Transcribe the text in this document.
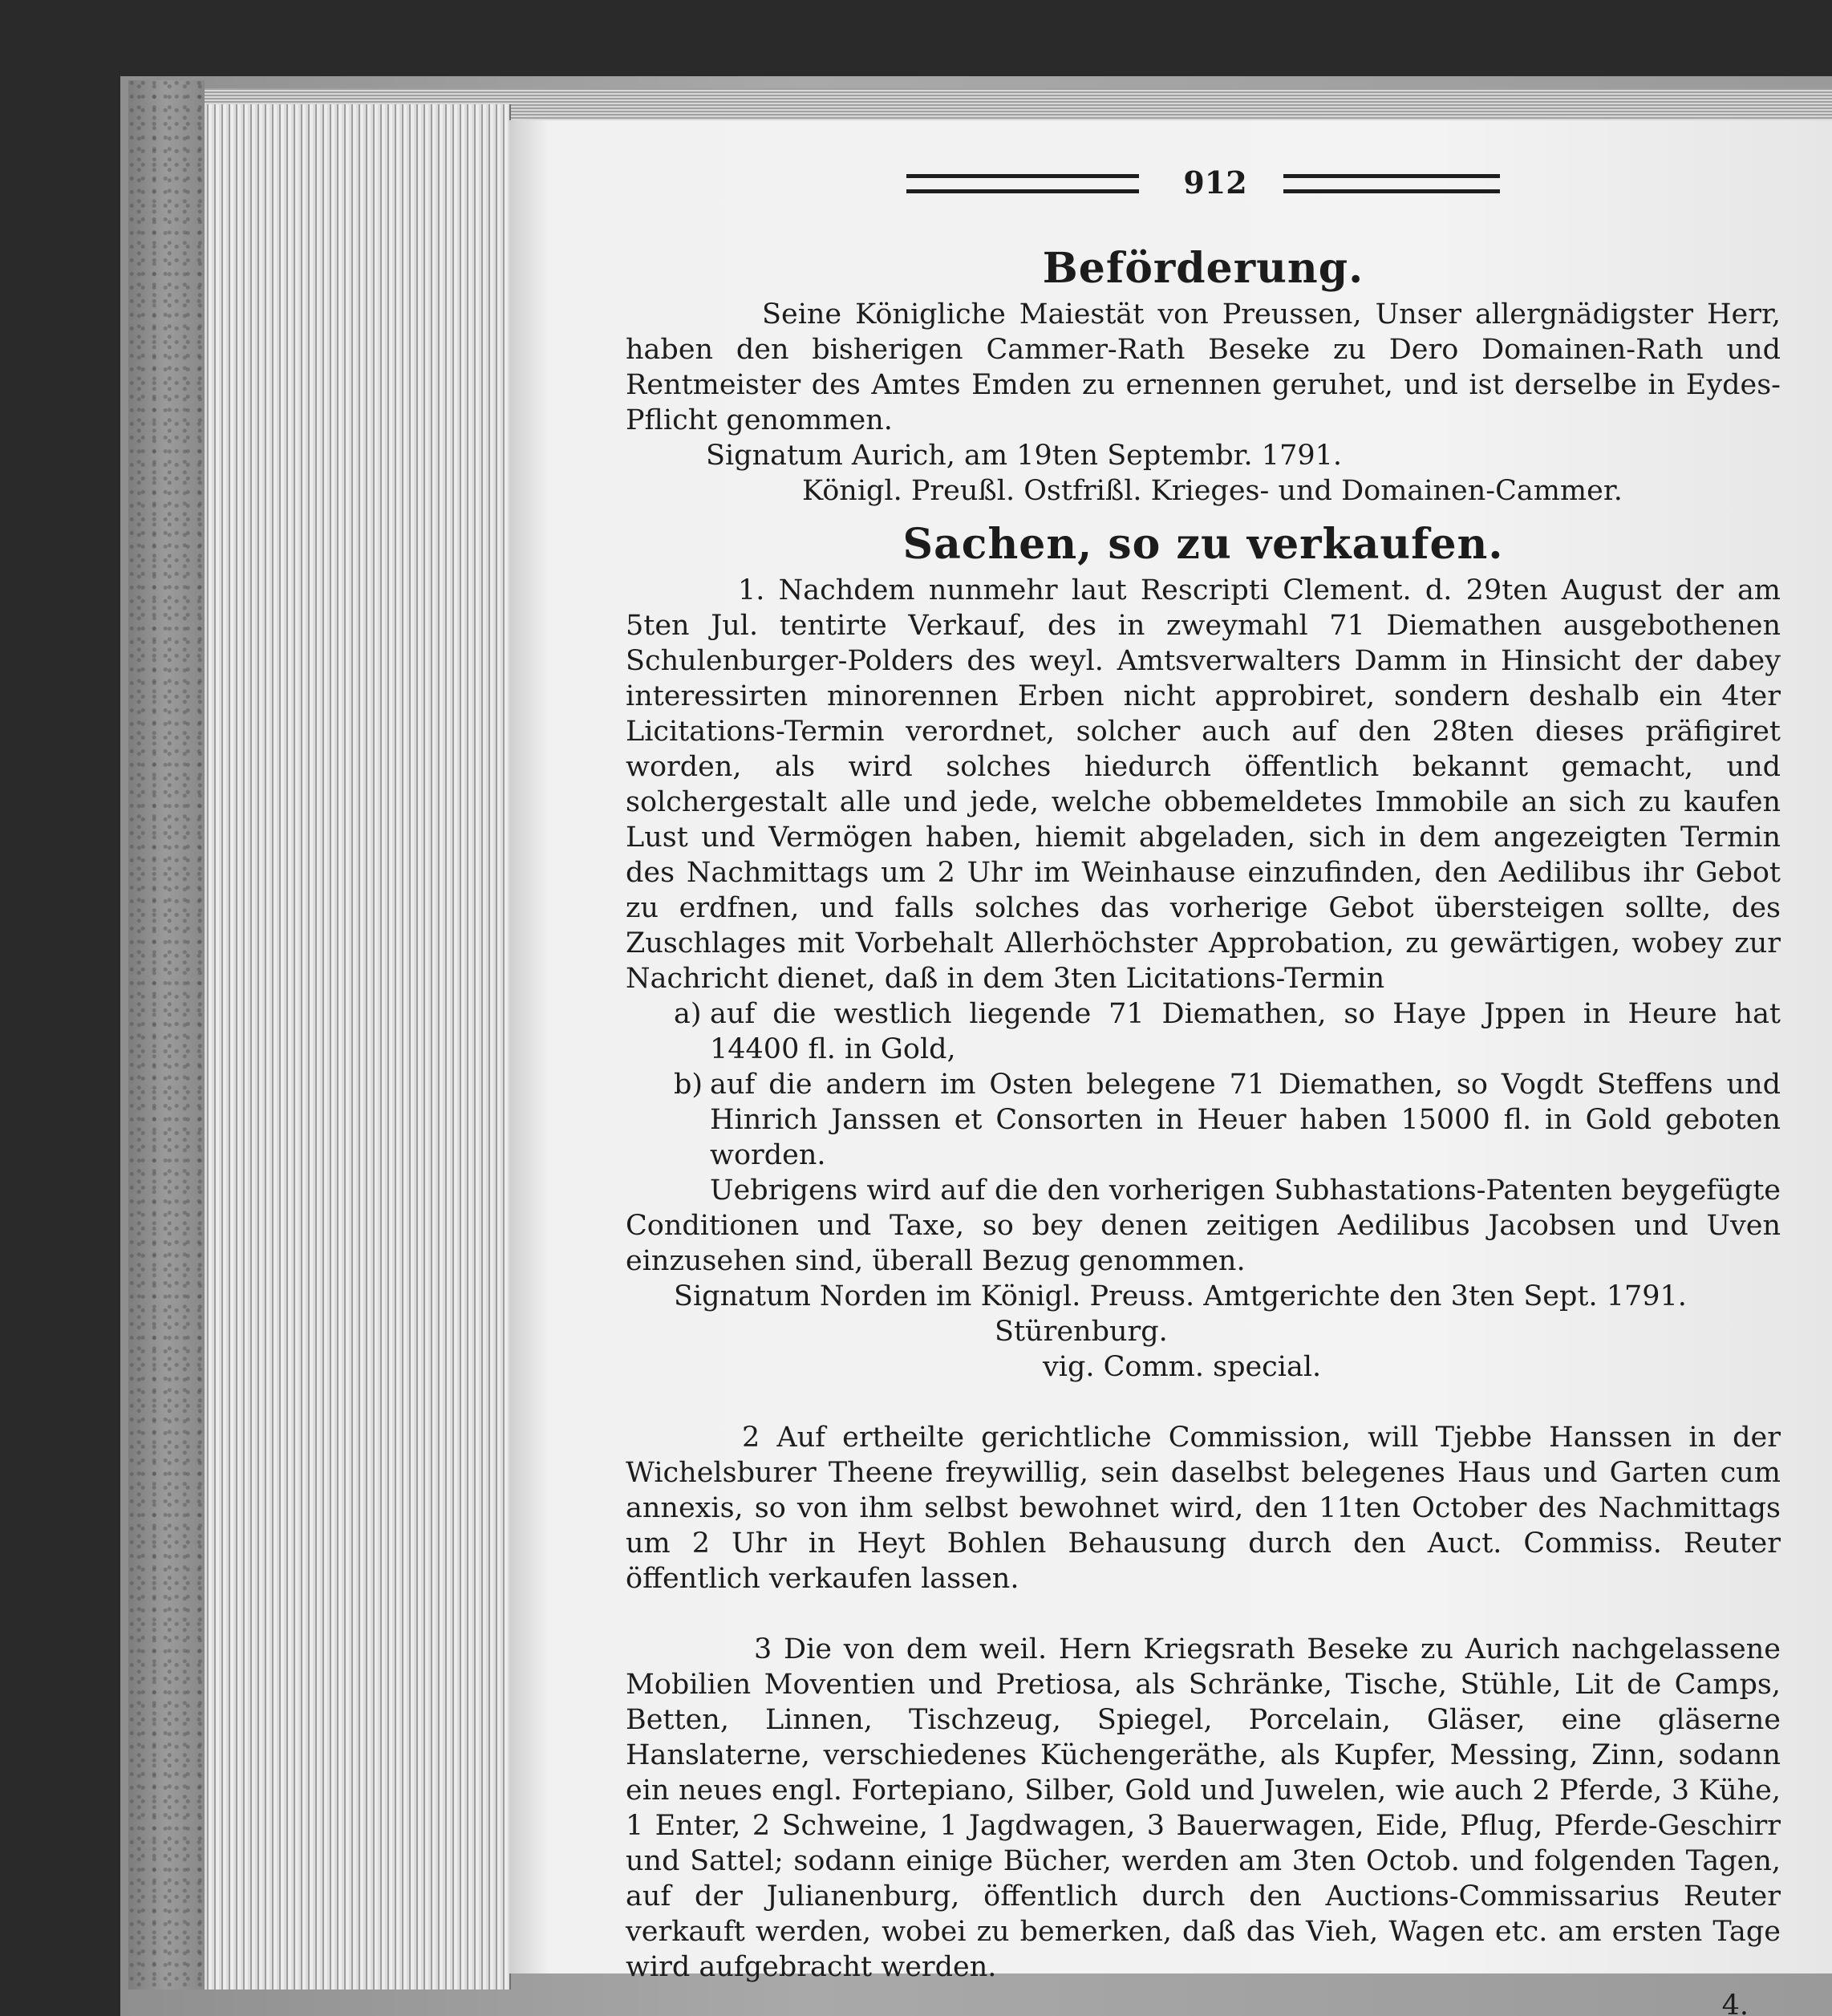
912
Beförderung.

Seine Königliche Maiestät von Preussen, Unser allergnädigster Herr, haben den bisherigen Cammer-Rath Beseke zu Dero Domainen-Rath und Rentmeister des Amtes Emden zu ernennen geruhet, und ist derselbe in Eydes-Pflicht genommen.

Signatum Aurich, am 19ten Septembr. 1791.

Königl. Preußl. Ostfrißl. Krieges- und Domainen-Cammer.

Sachen, so zu verkaufen.

1. Nachdem nunmehr laut Rescripti Clement. d. 29ten August der am 5ten Jul. tentirte Verkauf, des in zweymahl 71 Diemathen ausgebothenen Schulenburger-Polders des weyl. Amtsverwalters Damm in Hinsicht der dabey interessirten minorennen Erben nicht approbiret, sondern deshalb ein 4ter Licitations-Termin verordnet, solcher auch auf den 28ten dieses präfigiret worden, als wird solches hiedurch öffentlich bekannt gemacht, und solchergestalt alle und jede, welche obbemeldetes Immobile an sich zu kaufen Lust und Vermögen haben, hiemit abgeladen, sich in dem angezeigten Termin des Nachmittags um 2 Uhr im Weinhause einzufinden, den Aedilibus ihr Gebot zu erdfnen, und falls solches das vorherige Gebot übersteigen sollte, des Zuschlages mit Vorbehalt Allerhöchster Approbation, zu gewärtigen, wobey zur Nachricht dienet, daß in dem 3ten Licitations-Termin

a) auf die westlich liegende 71 Diemathen, so Haye Jppen in Heure hat 14400 fl. in Gold,
b) auf die andern im Osten belegene 71 Diemathen, so Vogdt Steffens und Hinrich Janssen et Consorten in Heuer haben 15000 fl. in Gold geboten worden.

Uebrigens wird auf die den vorherigen Subhastations-Patenten beygefügte Conditionen und Taxe, so bey denen zeitigen Aedilibus Jacobsen und Uven einzusehen sind, überall Bezug genommen.

Signatum Norden im Königl. Preuss. Amtgerichte den 3ten Sept. 1791.

Stürenburg.

vig. Comm. special.

2 Auf ertheilte gerichtliche Commission, will Tjebbe Hanssen in der Wichelsburer Theene freywillig, sein daselbst belegenes Haus und Garten cum annexis, so von ihm selbst bewohnet wird, den 11ten October des Nachmittags um 2 Uhr in Heyt Bohlen Behausung durch den Auct. Commiss. Reuter öffentlich verkaufen lassen.

3 Die von dem weil. Hern Kriegsrath Beseke zu Aurich nachgelassene Mobilien Moventien und Pretiosa, als Schränke, Tische, Stühle, Lit de Camps, Betten, Linnen, Tischzeug, Spiegel, Porcelain, Gläser, eine gläserne Hanslaterne, verschiedenes Küchengeräthe, als Kupfer, Messing, Zinn, sodann ein neues engl. Fortepiano, Silber, Gold und Juwelen, wie auch 2 Pferde, 3 Kühe, 1 Enter, 2 Schweine, 1 Jagdwagen, 3 Bauerwagen, Eide, Pflug, Pferde-Geschirr und Sattel; sodann einige Bücher, werden am 3ten Octob. und folgenden Tagen, auf der Julianenburg, öffentlich durch den Auctions-Commissarius Reuter verkauft werden, wobei zu bemerken, daß das Vieh, Wagen etc. am ersten Tage wird aufgebracht werden.

4.
